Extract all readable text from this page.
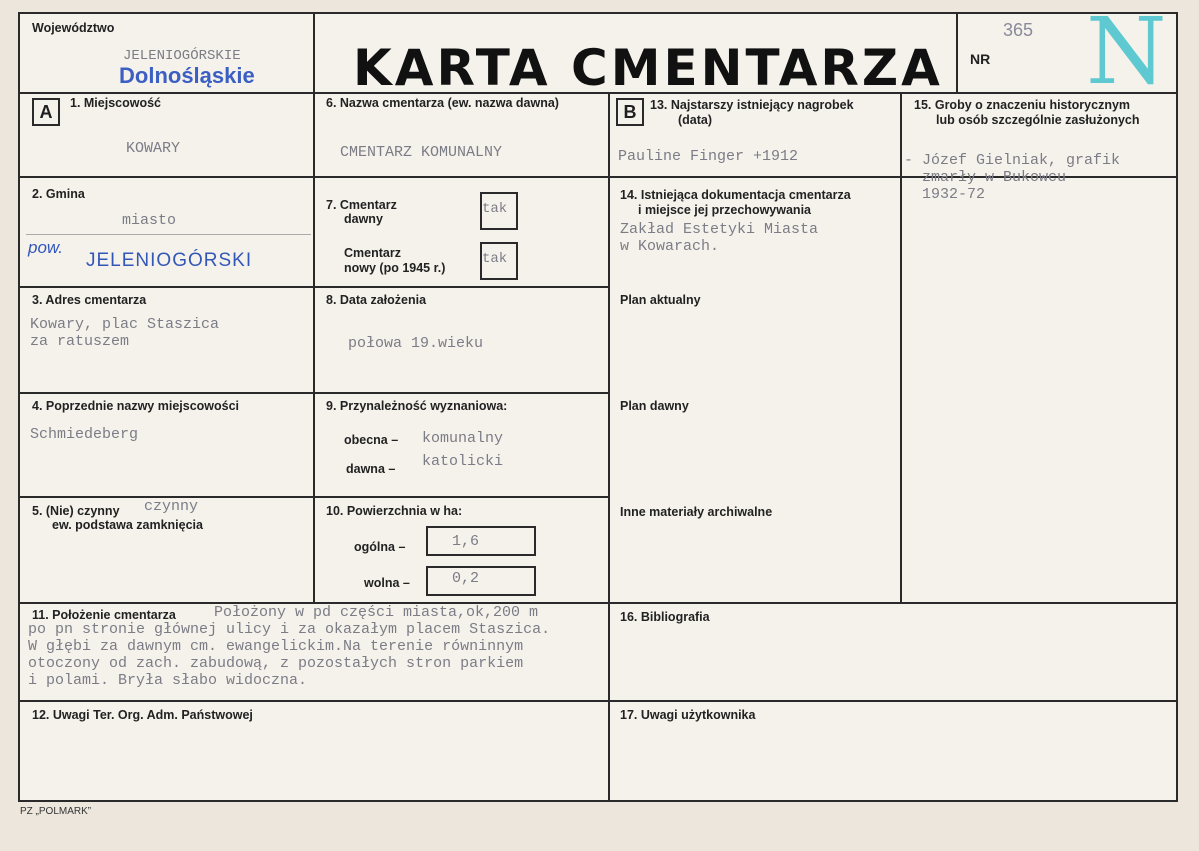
Województwo
JELENIOGÓRSKIE
Dolnośląskie KARTA CMENTARZA NR
365 N
A	1. Miejscowość
KOWARY
2. Gmina
miasto
pow.
JELENIOGÓRSKI
3. Adres cmentarza
Kowary, plac Staszica
za ratuszem
4. Poprzednie nazwy miejscowości
Schmiedeberg
5. (Nie) czynny czynny
ew. podstawa zamknięcia
6. Nazwa cmentarza (ew. nazwa dawna)
CMENTARZ KOMUNALNY
7. Cmentarz
dawny
tak
Cmentarz
nowy (po 1945 r.)
tak
8. Data założenia
połowa 19.wieku
9. Przynależność wyznaniowa:
obecna – komunalny
dawna – katolicki
10. Powierzchnia w ha:
ogólna –	1,6
wolna –	0,2
B	13. Najstarszy istniejący nagrobek
(data)
Pauline Finger +1912
14. Istniejąca dokumentacja cmentarza
i miejsce jej przechowywania
Zakład Estetyki Miasta
w Kowarach.
Plan aktualny
Plan dawny
Inne materiały archiwalne
15. Groby o znaczeniu historycznym
lub osób szczególnie zasłużonych
- Józef Gielniak, grafik
zmarły w Bukowcu
1932-72
11. Położenie cmentarza	Położony w pd części miasta,ok,200 m
po pn stronie głównej ulicy i za okazałym placem Staszica.
W głębi za dawnym cm. ewangelickim.Na terenie równinnym
otoczony od zach. zabudową, z pozostałych stron parkiem
i polami. Bryła słabo widoczna.
16. Bibliografia
12. Uwagi Ter. Org. Adm. Państwowej	17. Uwagi użytkownika
PZ „POLMARK”
